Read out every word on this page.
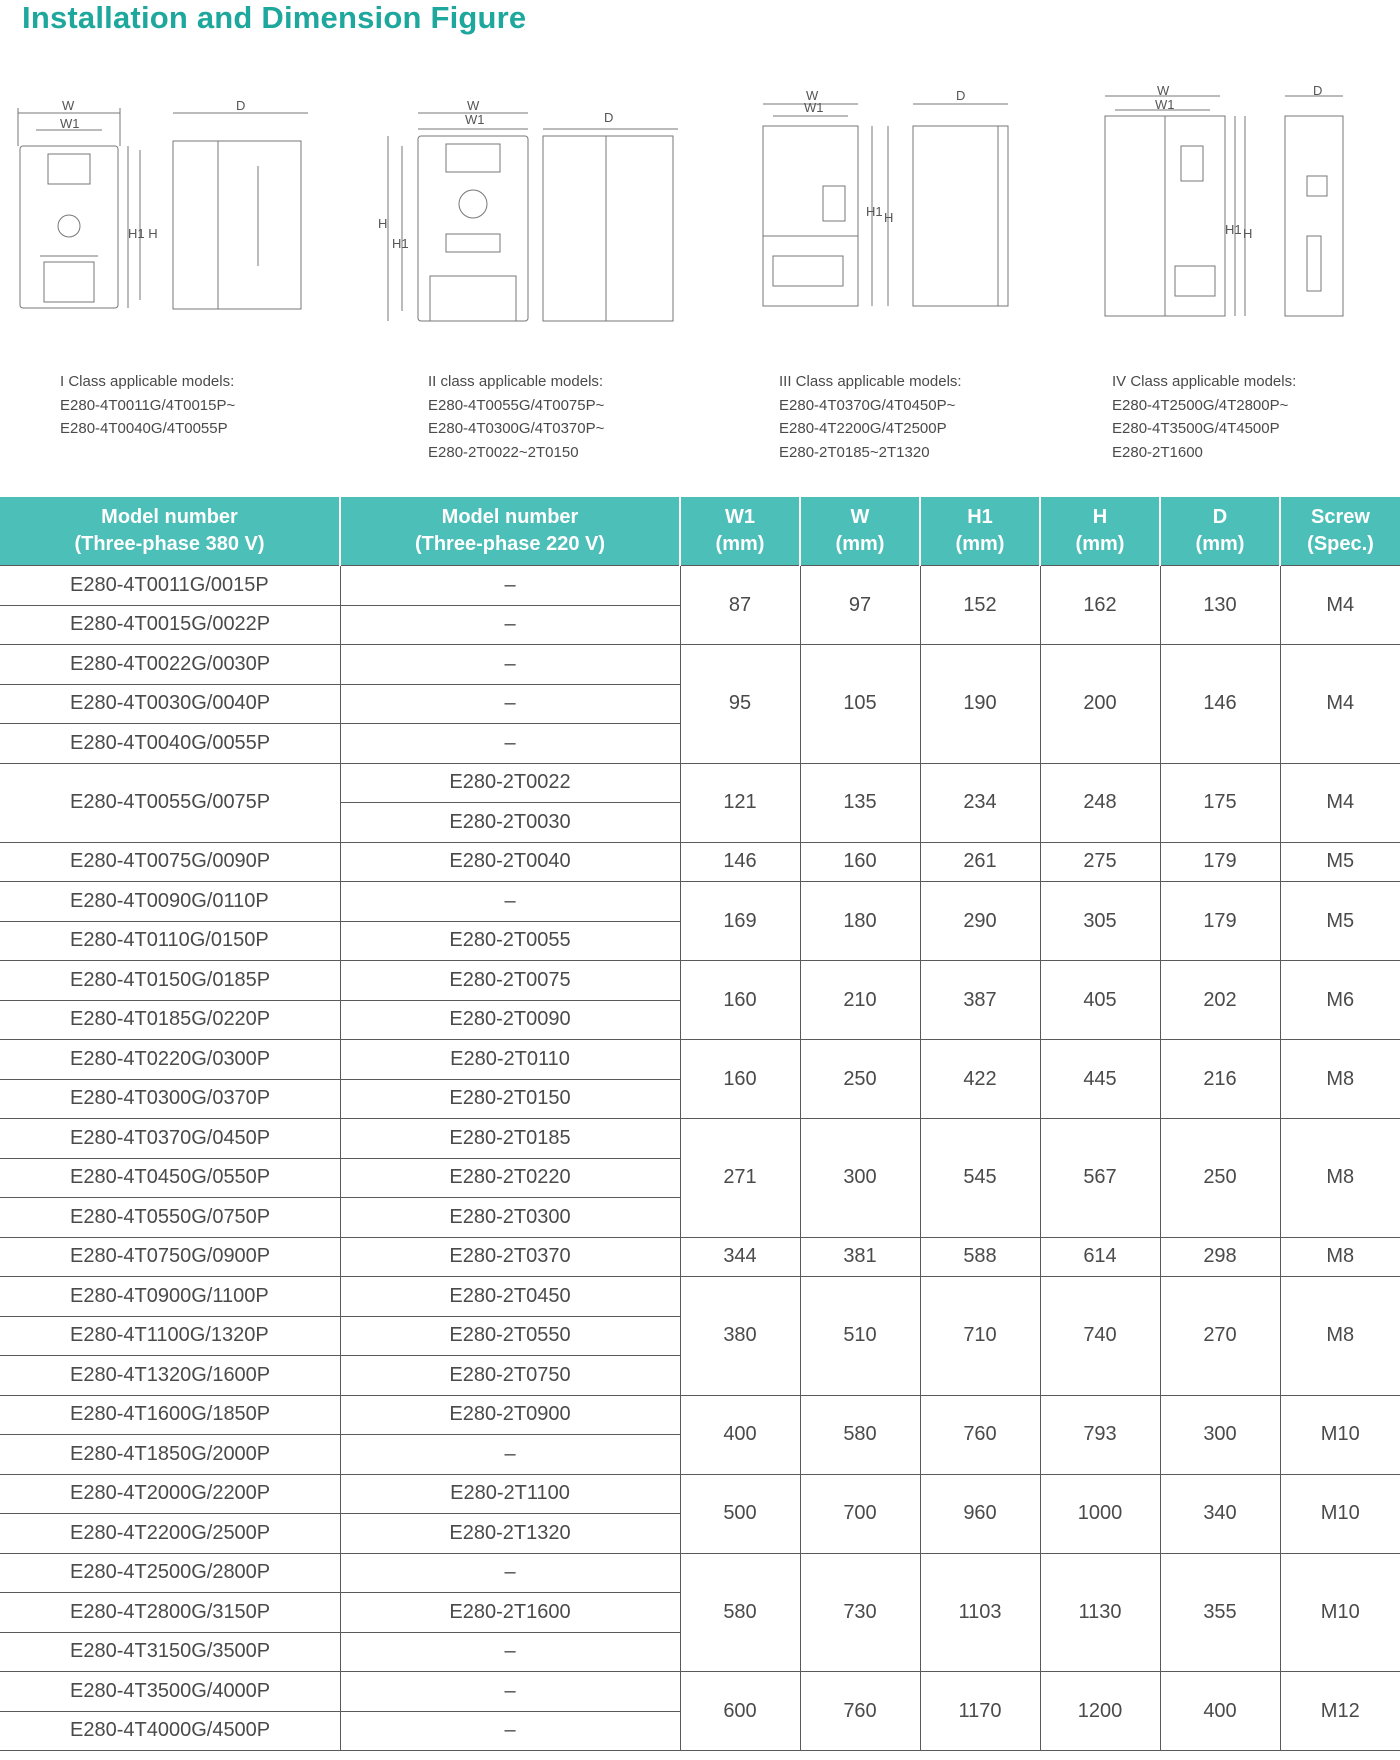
Installation and Dimension Figure
W
W1
H1 H
D	W
W1
H
H1
D
W
W1
H1 H
D	W
W1
H1 H
D
I Class applicable models:
E280-4T0011G/4T0015P~
E280-4T0040G/4T0055P
II class applicable models:
E280-4T0055G/4T0075P~
E280-4T0300G/4T0370P~
E280-2T0022~2T0150
III Class applicable models:
E280-4T0370G/4T0450P~
E280-4T2200G/4T2500P
E280-2T0185~2T1320
IV Class applicable models:
E280-4T2500G/4T2800P~
E280-4T3500G/4T4500P
E280-2T1600
Model number
(Three-phase 380 V)	Model number
(Three-phase 220 V)	W1
(mm)	W
(mm)	H1
(mm)	H
(mm)	D
(mm)	Screw
(Spec.)

E280-4T0011G/0015P	–	87	97	152	162	130	M4
E280-4T0015G/0022P	–						
E280-4T0022G/0030P	–	95	105	190	200	146	M4
E280-4T0030G/0040P	–						
E280-4T0040G/0055P	–						
E280-4T0055G/0075P	E280-2T0022	121	135	234	248	175	M4
	E280-2T0030						
E280-4T0075G/0090P	E280-2T0040	146	160	261	275	179	M5
E280-4T0090G/0110P	–	169	180	290	305	179	M5
E280-4T0110G/0150P	E280-2T0055						
E280-4T0150G/0185P	E280-2T0075	160	210	387	405	202	M6
E280-4T0185G/0220P	E280-2T0090						
E280-4T0220G/0300P	E280-2T0110	160	250	422	445	216	M8
E280-4T0300G/0370P	E280-2T0150						
E280-4T0370G/0450P	E280-2T0185	271	300	545	567	250	M8
E280-4T0450G/0550P	E280-2T0220						
E280-4T0550G/0750P	E280-2T0300						
E280-4T0750G/0900P	E280-2T0370	344	381	588	614	298	M8
E280-4T0900G/1100P	E280-2T0450	380	510	710	740	270	M8
E280-4T1100G/1320P	E280-2T0550						
E280-4T1320G/1600P	E280-2T0750						
E280-4T1600G/1850P	E280-2T0900	400	580	760	793	300	M10
E280-4T1850G/2000P	–						
E280-4T2000G/2200P	E280-2T1100	500	700	960	1000	340	M10
E280-4T2200G/2500P	E280-2T1320						
E280-4T2500G/2800P	–	580	730	1103	1130	355	M10
E280-4T2800G/3150P	E280-2T1600						
E280-4T3150G/3500P	–						
E280-4T3500G/4000P	–	600	760	1170	1200	400	M12
E280-4T4000G/4500P	–						
